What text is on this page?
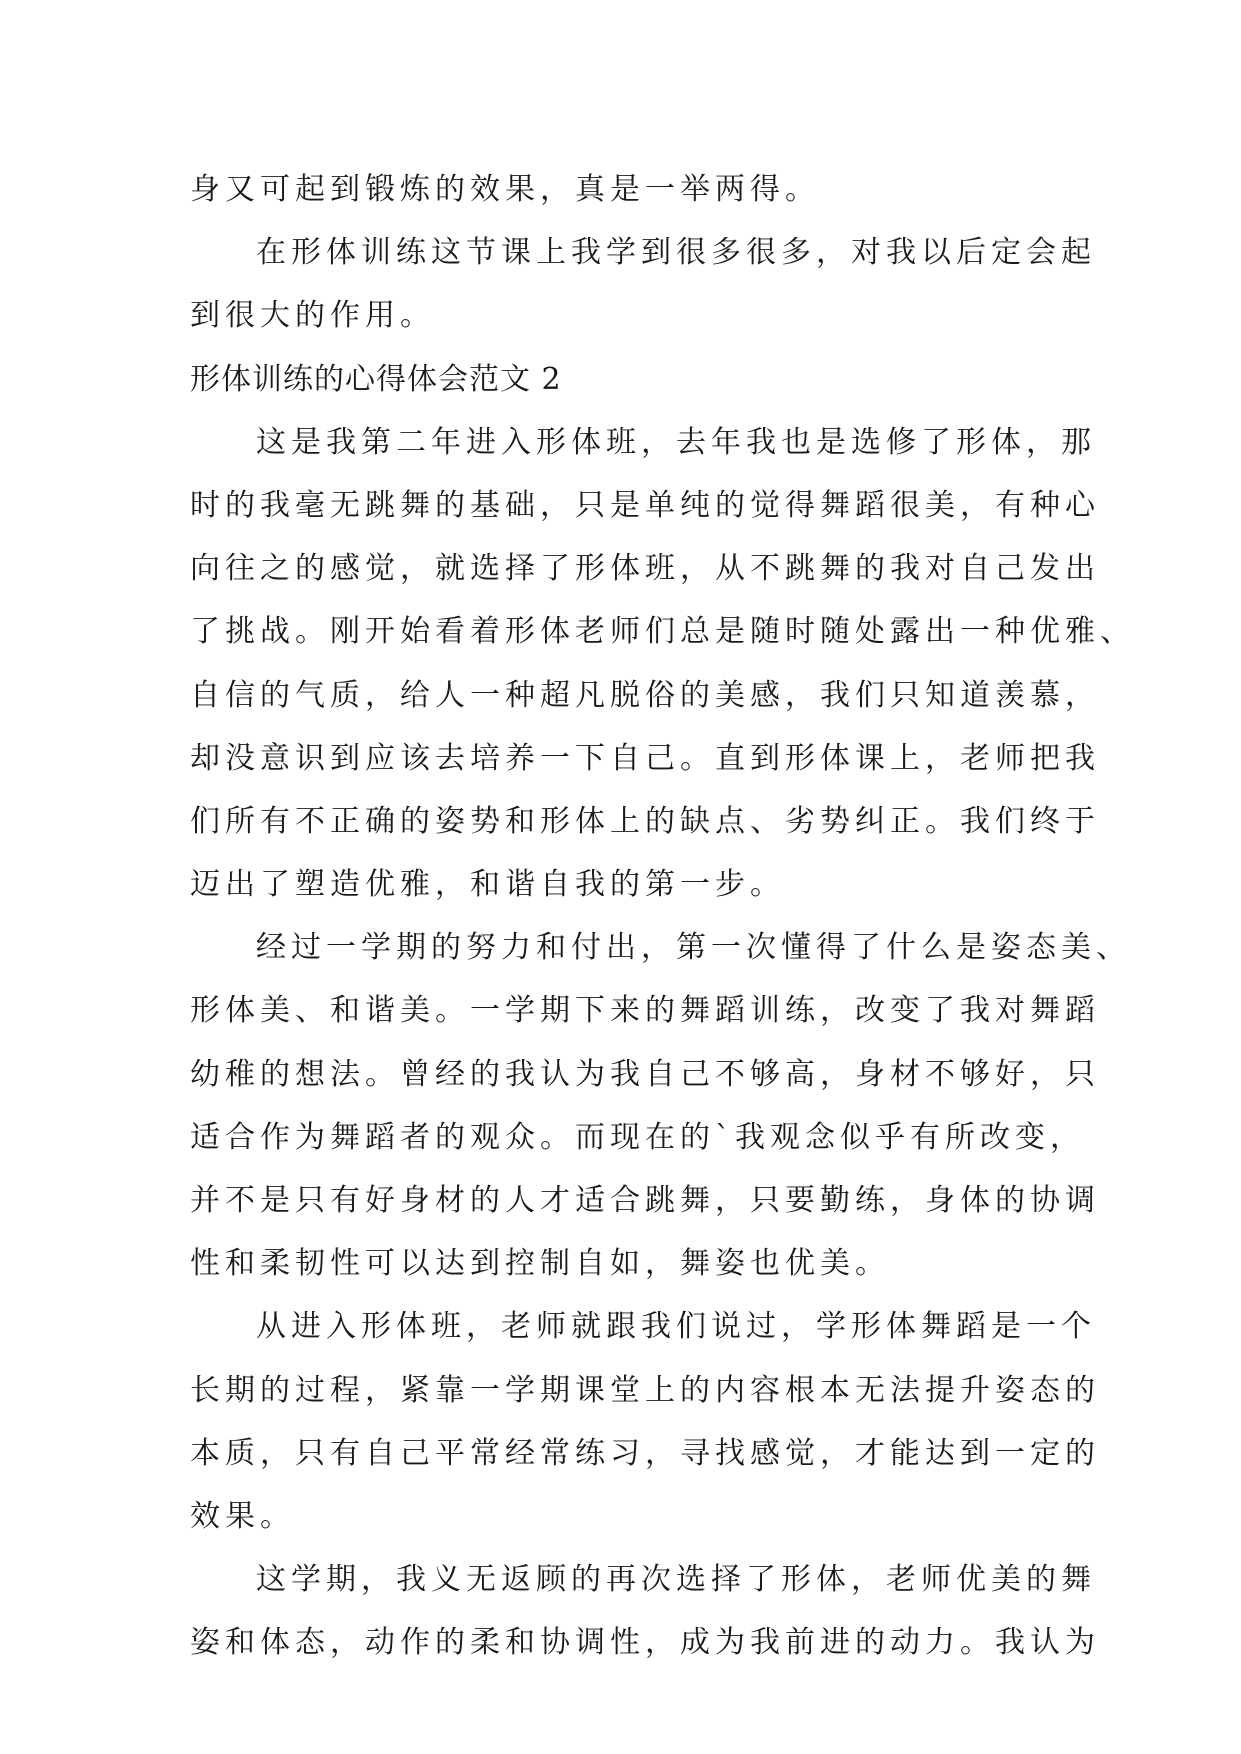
身又可起到锻炼的效果，真是一举两得。
在形体训练这节课上我学到很多很多，对我以后定会起
到很大的作用。
形体训练的心得体会范文 2
这是我第二年进入形体班，去年我也是选修了形体，那
时的我毫无跳舞的基础，只是单纯的觉得舞蹈很美，有种心
向往之的感觉，就选择了形体班，从不跳舞的我对自己发出
了挑战。刚开始看着形体老师们总是随时随处露出一种优雅、
自信的气质，给人一种超凡脱俗的美感，我们只知道羡慕，
却没意识到应该去培养一下自己。直到形体课上，老师把我
们所有不正确的姿势和形体上的缺点、劣势纠正。我们终于
迈出了塑造优雅，和谐自我的第一步。
经过一学期的努力和付出，第一次懂得了什么是姿态美、
形体美、和谐美。一学期下来的舞蹈训练，改变了我对舞蹈
幼稚的想法。曾经的我认为我自己不够高，身材不够好，只
适合作为舞蹈者的观众。而现在的`我观念似乎有所改变，
并不是只有好身材的人才适合跳舞，只要勤练，身体的协调
性和柔韧性可以达到控制自如，舞姿也优美。
从进入形体班，老师就跟我们说过，学形体舞蹈是一个
长期的过程，紧靠一学期课堂上的内容根本无法提升姿态的
本质，只有自己平常经常练习，寻找感觉，才能达到一定的
效果。
这学期，我义无返顾的再次选择了形体，老师优美的舞
姿和体态，动作的柔和协调性，成为我前进的动力。我认为
